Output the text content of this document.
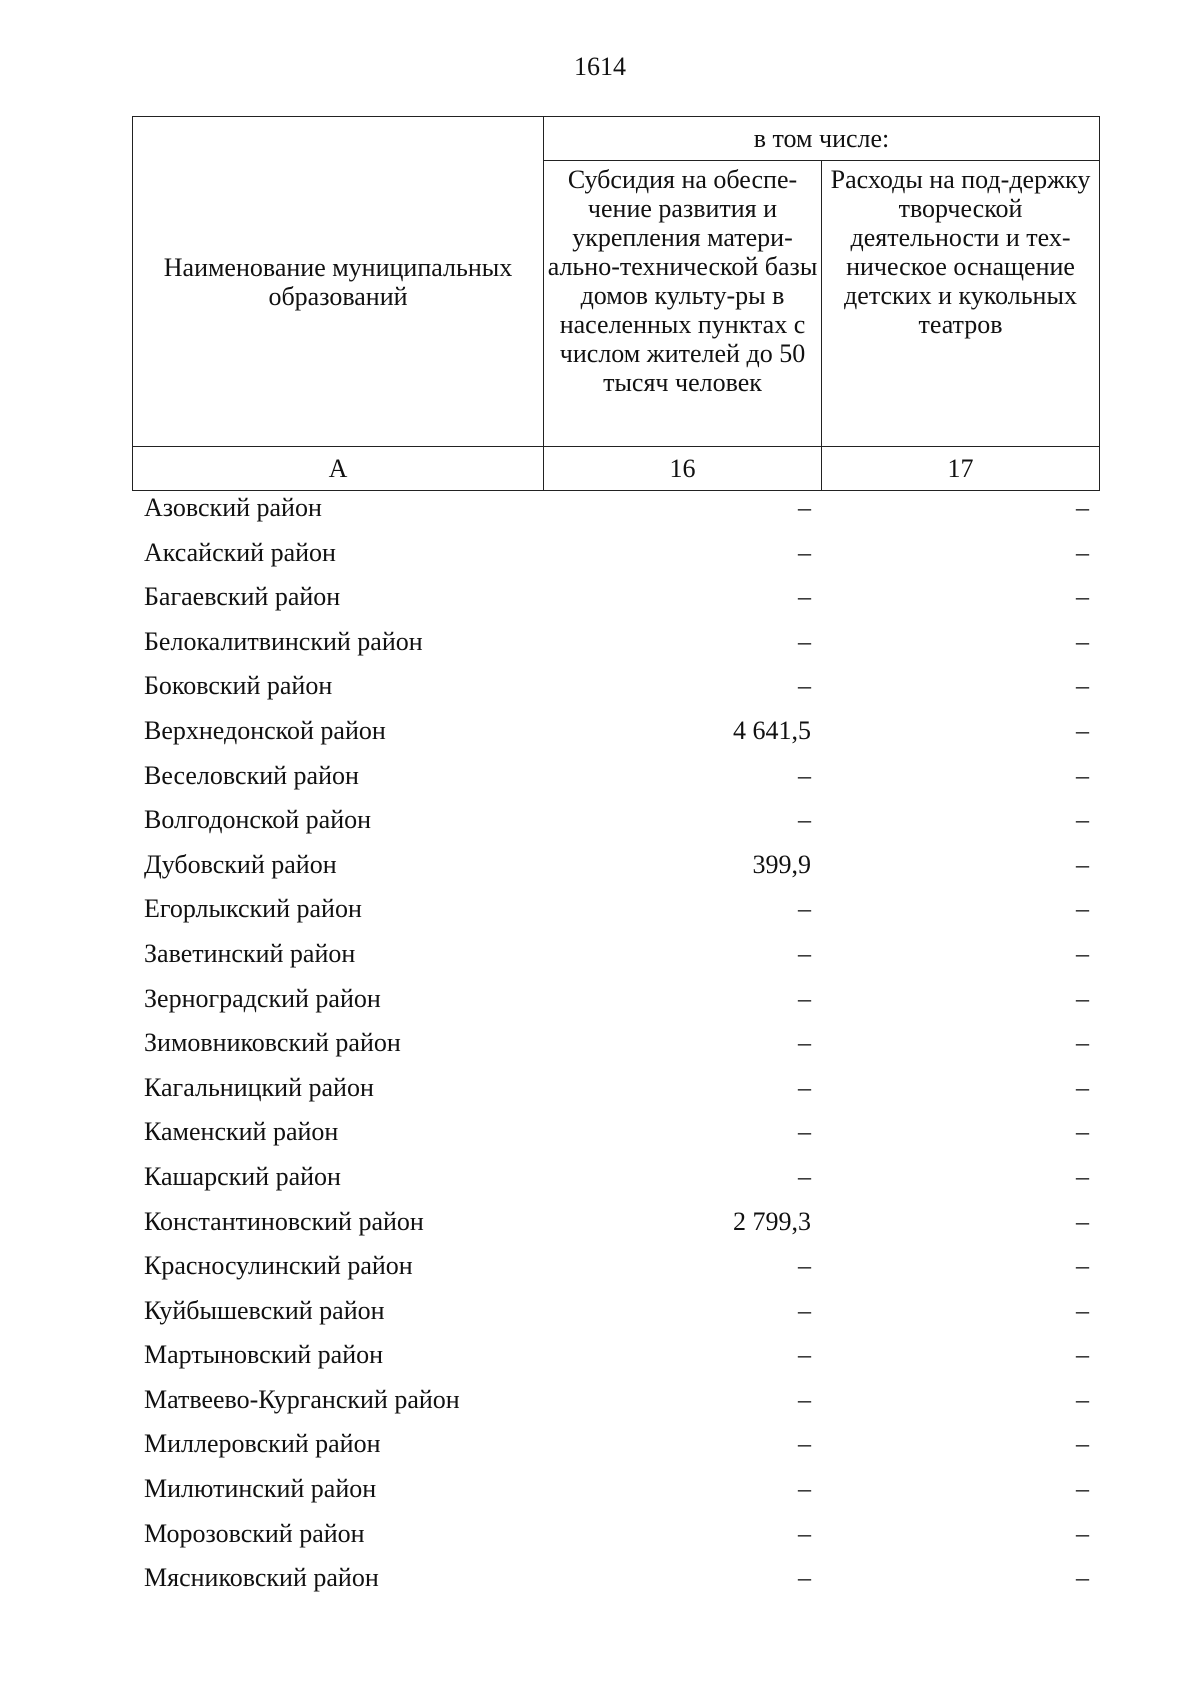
1614
Наименование муниципальных образований	в том числе:	
	Субсидия на обеспе-чение развития и укрепления матери-ально-технической базы домов культу-ры в населенных пунктах с числом жителей до 50 тысяч человек	Расходы на под-держку творческой деятельности и тех-ническое оснащение детских и кукольных театров
А	16	17
Азовский район	–	–
Аксайский район	–	–
Багаевский район	–	–
Белокалитвинский район	–	–
Боковский район	–	–
Верхнедонской район	4 641,5	–
Веселовский район	–	–
Волгодонской район	–	–
Дубовский район	399,9	–
Егорлыкский район	–	–
Заветинский район	–	–
Зерноградский район	–	–
Зимовниковский район	–	–
Кагальницкий район	–	–
Каменский район	–	–
Кашарский район	–	–
Константиновский район	2 799,3	–
Красносулинский район	–	–
Куйбышевский район	–	–
Мартыновский район	–	–
Матвеево-Курганский район	–	–
Миллеровский район	–	–
Милютинский район	–	–
Морозовский район	–	–
Мясниковский район	–	–
